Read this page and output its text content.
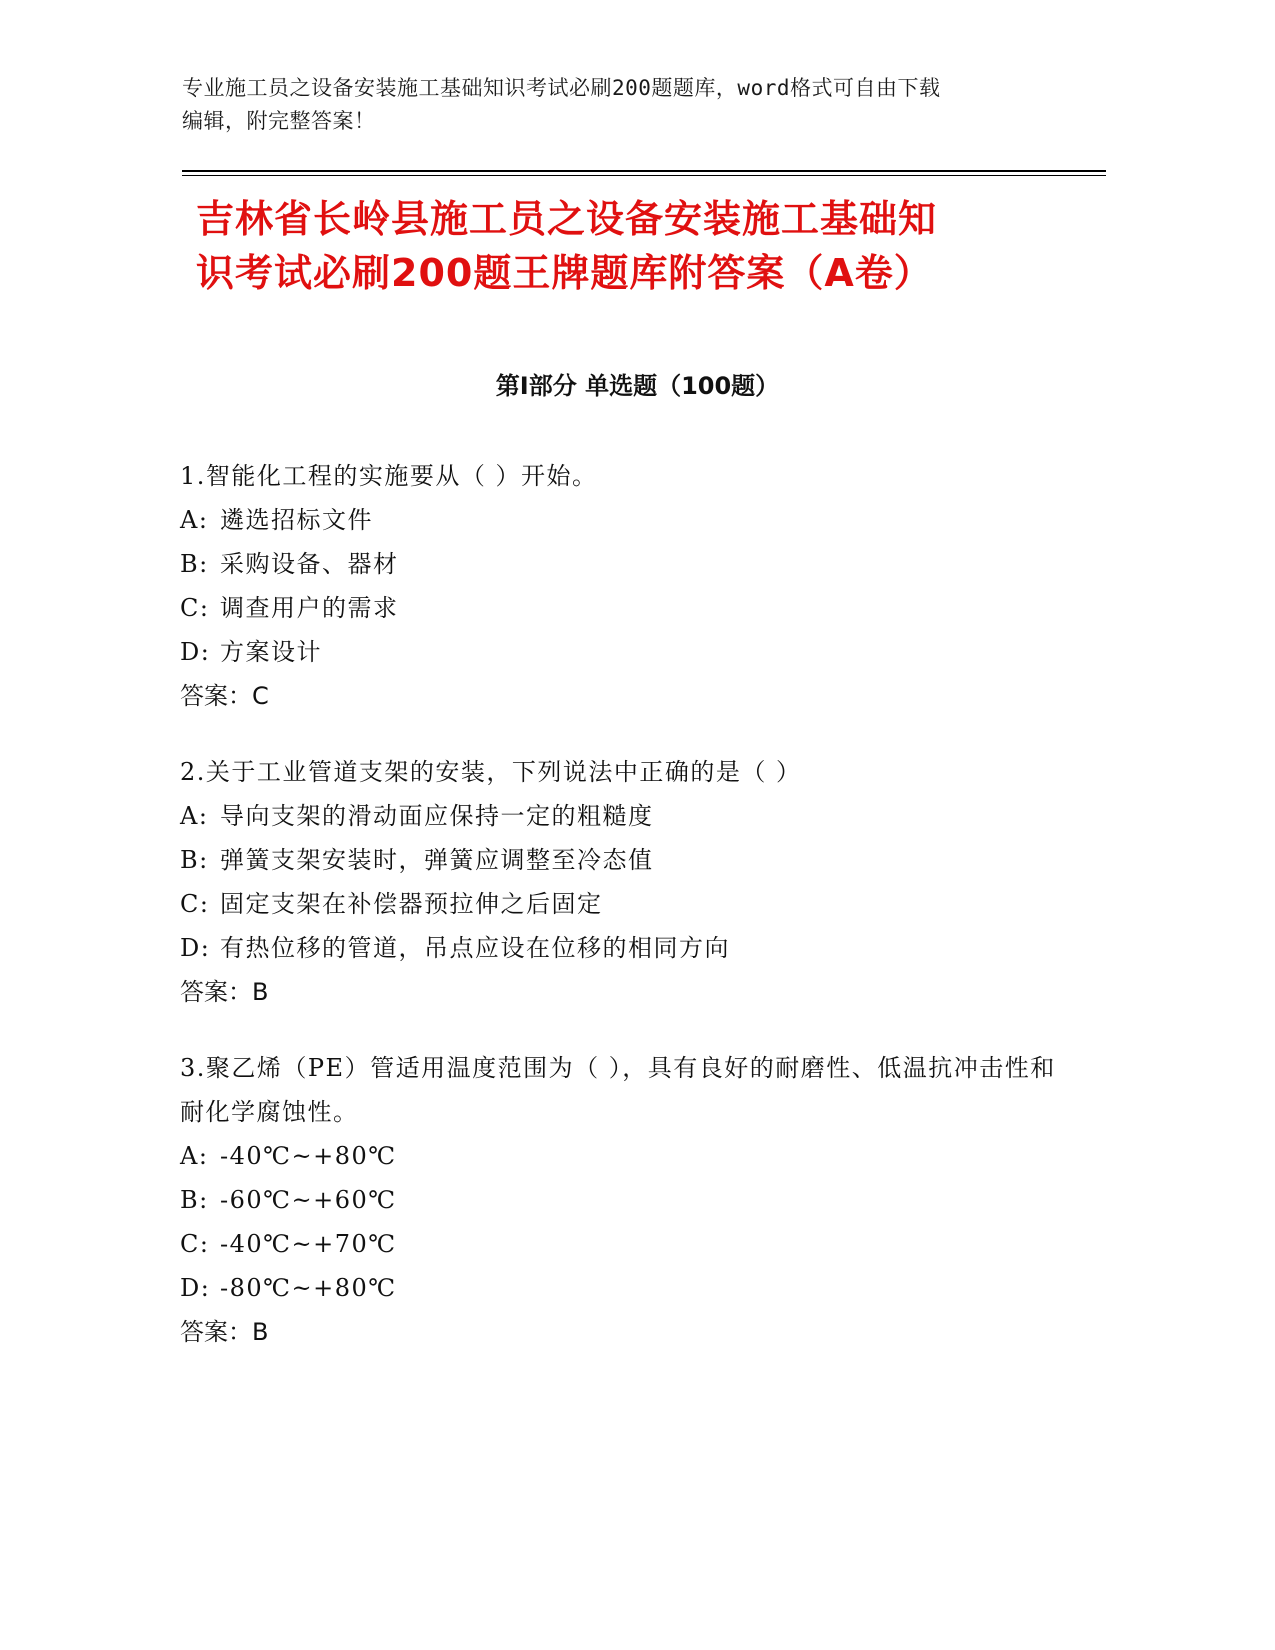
专业施工员之设备安装施工基础知识考试必刷200题题库，word格式可自由下载
编辑，附完整答案！
吉林省长岭县施工员之设备安装施工基础知
识考试必刷200题王牌题库附答案（A卷）
第Ⅰ部分 单选题（100题）

1.智能化工程的实施要从（ ）开始。

A: 遴选招标文件

B: 采购设备、器材

C: 调查用户的需求

D: 方案设计

答案：C

2.关于工业管道支架的安装，下列说法中正确的是（ ）

A: 导向支架的滑动面应保持一定的粗糙度

B: 弹簧支架安装时，弹簧应调整至冷态值

C: 固定支架在补偿器预拉伸之后固定

D: 有热位移的管道，吊点应设在位移的相同方向

答案：B

3.聚乙烯（PE）管适用温度范围为（ ），具有良好的耐磨性、低温抗冲击性和耐化学腐蚀性。

A: -40℃~+80℃

B: -60℃~+60℃

C: -40℃~+70℃

D: -80℃~+80℃

答案：B
